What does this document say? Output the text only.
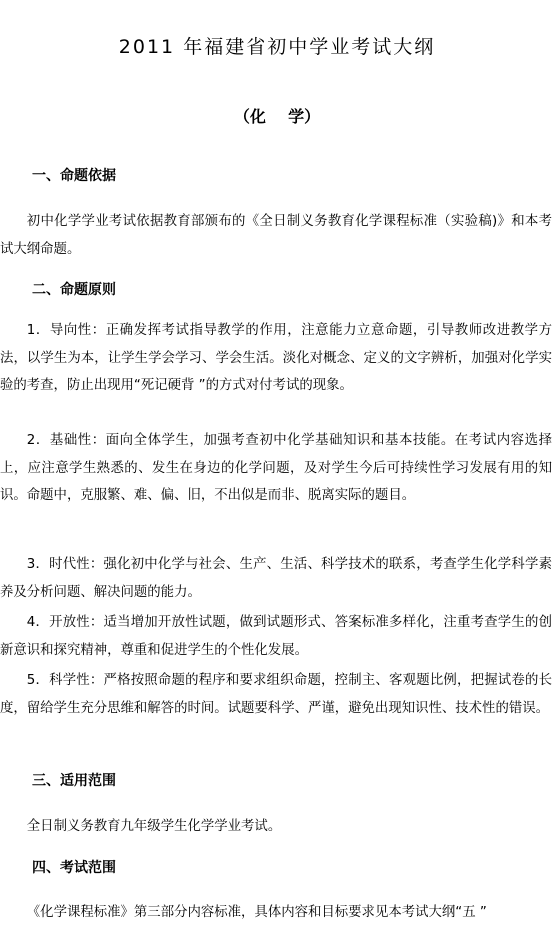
2011 年福建省初中学业考试大纲
（化    学）
一、命题依据

初中化学学业考试依据教育部颁布的《全日制义务教育化学课程标准（实验稿)》和本考试大纲命题。

二、命题原则

1．导向性：正确发挥考试指导教学的作用，注意能力立意命题，引导教师改进教学方法，以学生为本，让学生学会学习、学会生活。淡化对概念、定义的文字辨析，加强对化学实验的考查，防止出现用“死记硬背 ”的方式对付考试的现象。

2．基础性：面向全体学生，加强考查初中化学基础知识和基本技能。在考试内容选择上，应注意学生熟悉的、发生在身边的化学问题，及对学生今后可持续性学习发展有用的知识。命题中，克服繁、难、偏、旧，不出似是而非、脱离实际的题目。

3．时代性：强化初中化学与社会、生产、生活、科学技术的联系，考查学生化学科学素养及分析问题、解决问题的能力。

4．开放性：适当增加开放性试题，做到试题形式、答案标准多样化，注重考查学生的创新意识和探究精神，尊重和促进学生的个性化发展。

5．科学性：严格按照命题的程序和要求组织命题，控制主、客观题比例，把握试卷的长度，留给学生充分思维和解答的时间。试题要科学、严谨，避免出现知识性、技术性的错误。

三、适用范围

全日制义务教育九年级学生化学学业考试。

四、考试范围

《化学课程标准》第三部分内容标准，具体内容和目标要求见本考试大纲“五 ”
